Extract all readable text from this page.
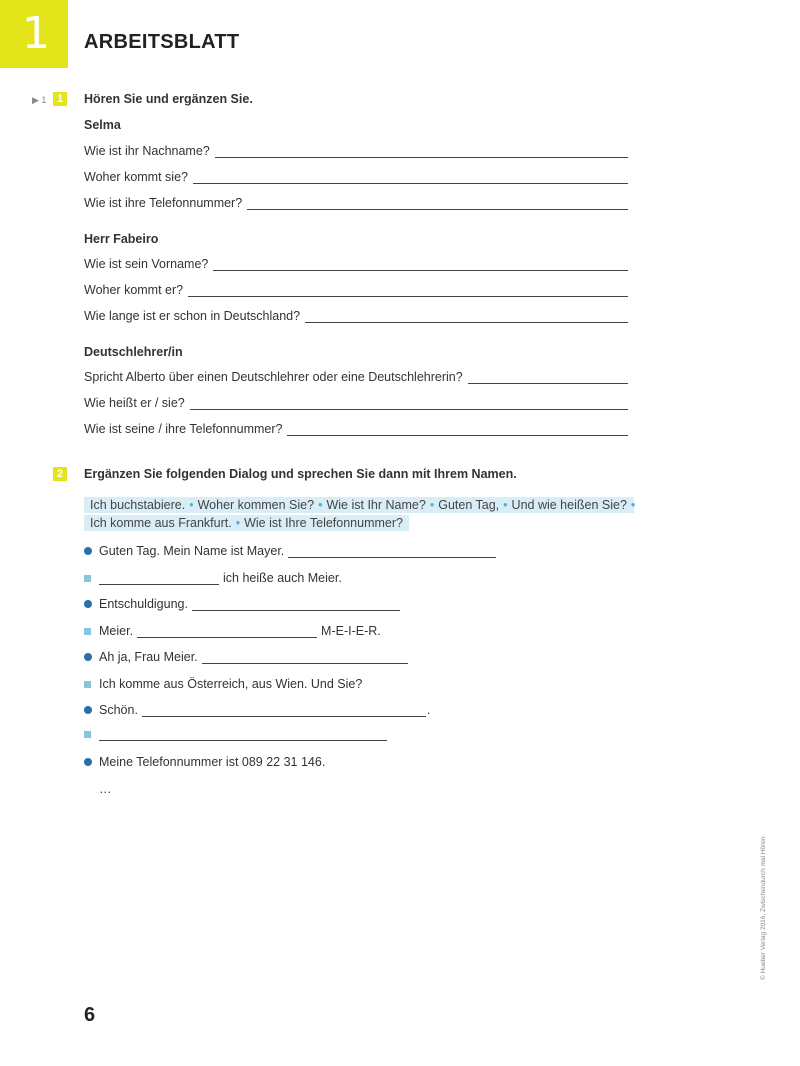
1 ARBEITSBLATT
▶ 1 1	Hören Sie und ergänzen Sie.
Selma
Wie ist ihr Nachname?
Woher kommt sie?
Wie ist ihre Telefonnummer?
Herr Fabeiro
Wie ist sein Vorname?
Woher kommt er?
Wie lange ist er schon in Deutschland?
Deutschlehrer/in
Spricht Alberto über einen Deutschlehrer oder eine Deutschlehrerin?
Wie heißt er / sie?
Wie ist seine / ihre Telefonnummer?
2	Ergänzen Sie folgenden Dialog und sprechen Sie dann mit Ihrem Namen.
Ich buchstabiere. • Woher kommen Sie? • Wie ist Ihr Name? • Guten Tag, • Und wie heißen Sie? •
Ich komme aus Frankfurt. • Wie ist Ihre Telefonnummer?
Guten Tag. Mein Name ist Mayer.
ich heiße auch Meier.
Entschuldigung.
Meier.	M-E-I-E-R.
Ah ja, Frau Meier.
Ich komme aus Österreich, aus Wien. Und Sie?
Schön.	.
Meine Telefonnummer ist 089 22 31 146.
…
6
© Hueber Verlag 2016, Zwischendurch mal Hören
